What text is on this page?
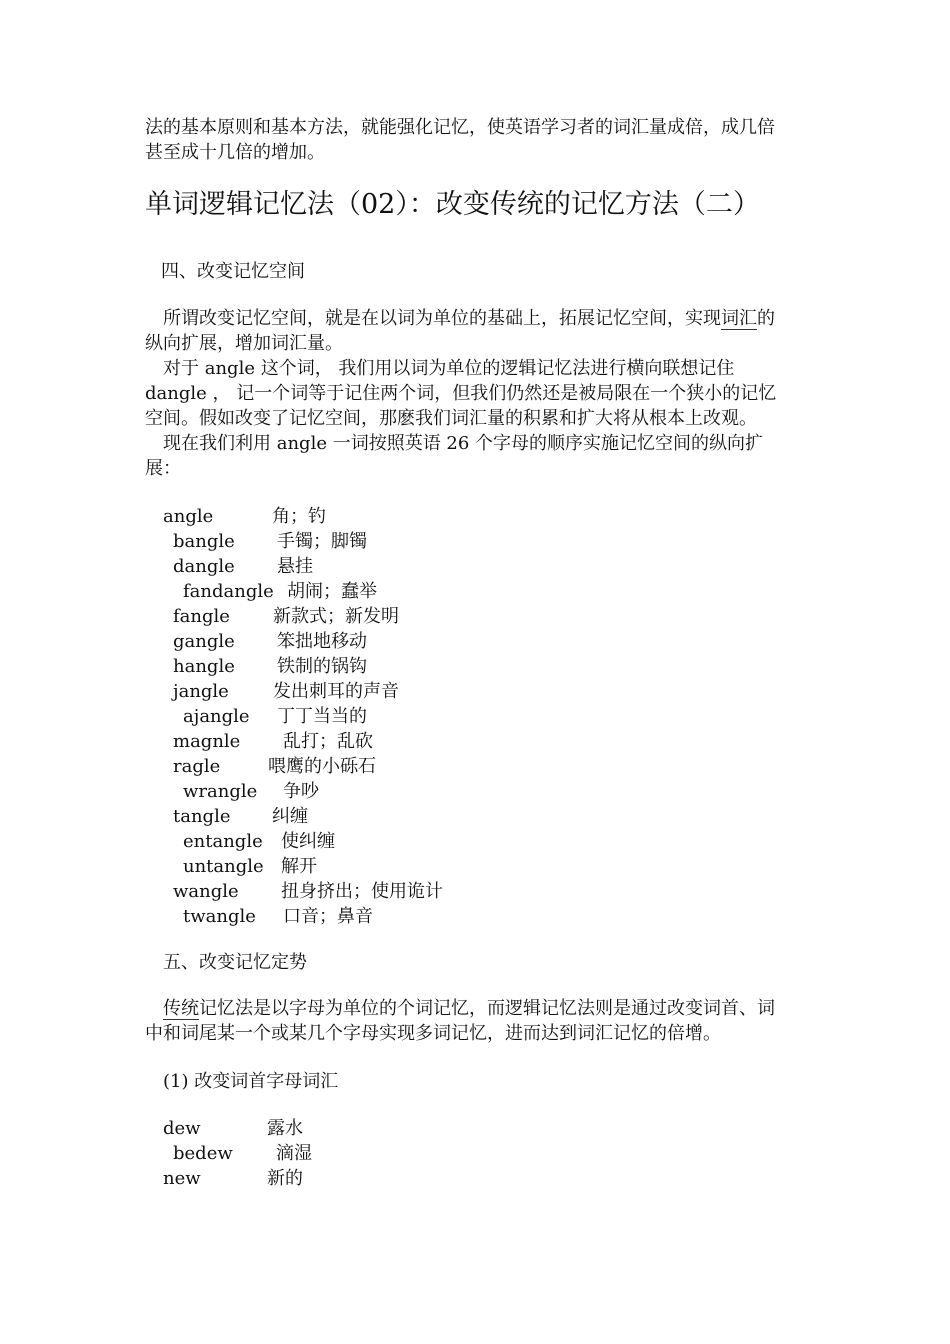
法的基本原则和基本方法，就能强化记忆，使英语学习者的词汇量成倍，成几倍

甚至成十几倍的增加。

单词逻辑记忆法（02）：改变传统的记忆方法（二）

四、改变记忆空间

所谓改变记忆空间，就是在以词为单位的基础上，拓展记忆空间，实现词汇的

纵向扩展，增加词汇量。

对于 angle 这个词， 我们用以词为单位的逻辑记忆法进行横向联想记住

dangle ， 记一个词等于记住两个词，但我们仍然还是被局限在一个狭小的记忆

空间。假如改变了记忆空间，那麽我们词汇量的积累和扩大将从根本上改观。

现在我们利用 angle 一词按照英语 26 个字母的顺序实施记忆空间的纵向扩

展：

angle	角；钓
bangle 手镯；脚镯
dangle 悬挂
fandangle 胡闹；蠢举
fangle 新款式；新发明
gangle 笨拙地移动
hangle 铁制的锅钩
jangle 发出刺耳的声音
ajangle 丁丁当当的
magnle 乱打；乱砍
ragle	喂鹰的小砾石
wrangle 争吵
tangle 纠缠
entangle 使纠缠
untangle 解开
wangle 扭身挤出；使用诡计
twangle 口音；鼻音

五、改变记忆定势

传统记忆法是以字母为单位的个词记忆，而逻辑记忆法则是通过改变词首、词

中和词尾某一个或某几个字母实现多词记忆，进而达到词汇记忆的倍增。

(1) 改变词首字母词汇

dew	露水
bedew 滴湿
new	新的
